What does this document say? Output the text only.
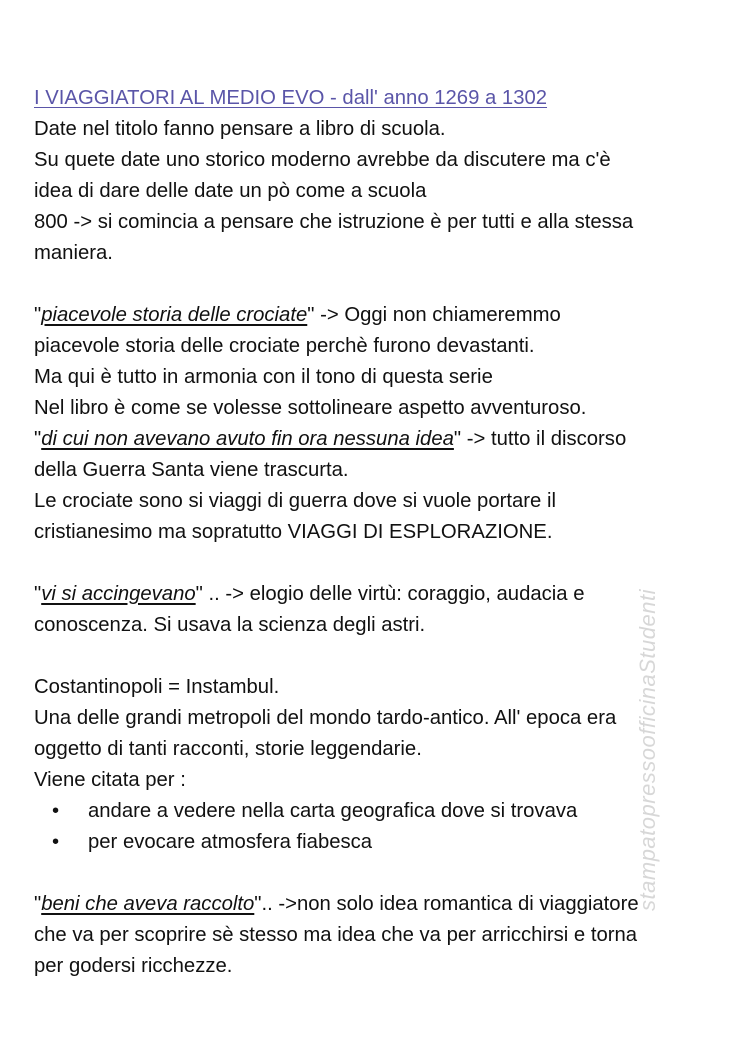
I VIAGGIATORI AL MEDIO EVO - dall' anno 1269 a 1302
Date nel titolo fanno pensare a libro di scuola.
Su quete date uno storico moderno avrebbe da discutere ma c'è
idea di dare delle date un pò come a scuola
800 -> si comincia a pensare che istruzione è per tutti e alla stessa
maniera.
"piacevole storia delle crociate" -> Oggi non chiameremmo
piacevole storia delle crociate perchè furono devastanti.
Ma qui è tutto in armonia con il tono di questa serie
Nel libro è come se volesse sottolineare aspetto avventuroso.
"di cui non avevano avuto fin ora nessuna idea" -> tutto il discorso
della Guerra Santa viene trascurta.
Le crociate sono si viaggi di guerra dove si vuole portare il
cristianesimo ma sopratutto VIAGGI DI ESPLORAZIONE.
"vi si accingevano" .. -> elogio delle virtù: coraggio, audacia e
conoscenza. Si usava la scienza degli astri.
Costantinopoli = Instambul.
Una delle grandi metropoli del mondo tardo-antico. All' epoca era
oggetto di tanti racconti, storie leggendarie.
Viene citata per :
• andare a vedere nella carta geografica dove si trovava
• per evocare atmosfera fiabesca
"beni che aveva raccolto".. ->non solo idea romantica di viaggiatore
che va per scoprire sè stesso ma idea che va per arricchirsi e torna
per godersi ricchezze.
stampatopressoofficinaStudenti
